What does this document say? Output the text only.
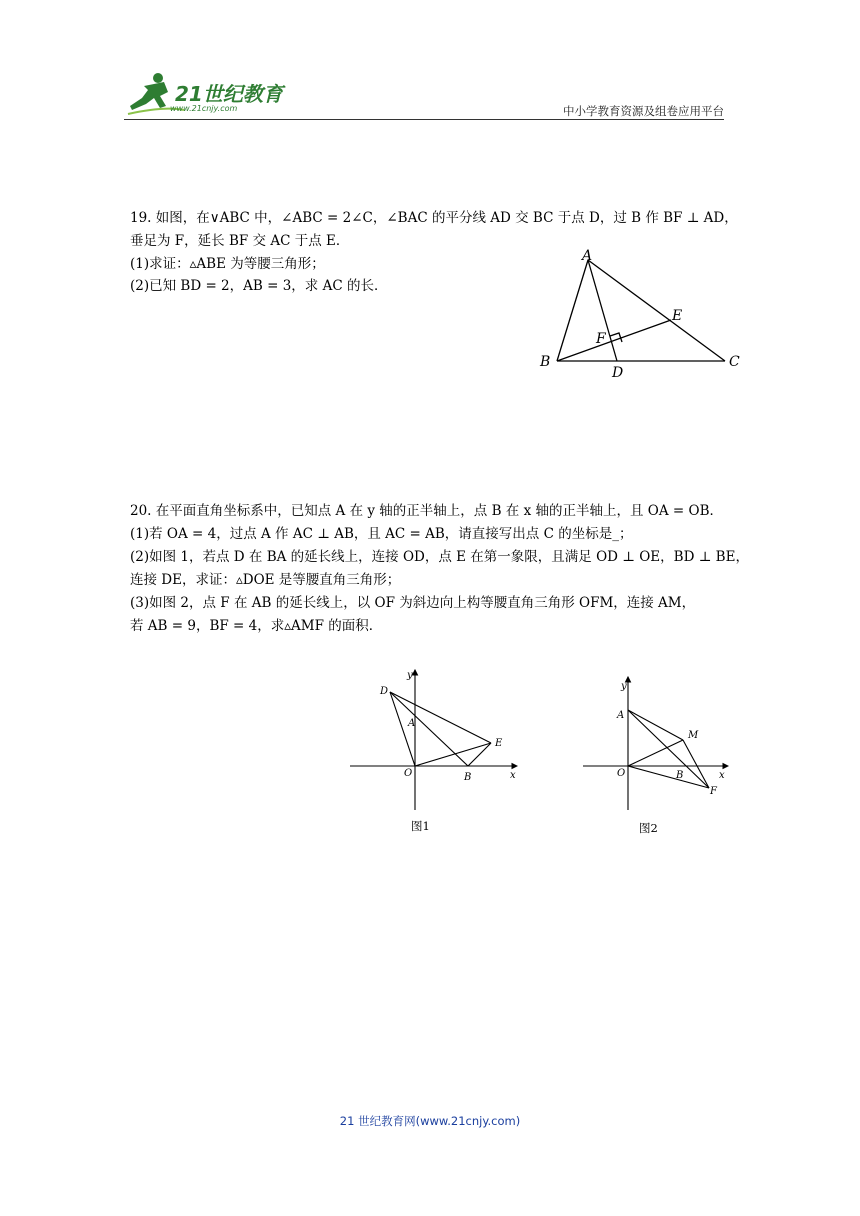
21世纪教育
www.21cnjy.com	中小学教育资源及组卷应用平台
19. 如图，在∨ABC 中，∠ABC = 2∠C，∠BAC 的平分线 AD 交 BC 于点 D，过 B 作 BF ⊥ AD，
垂足为 F，延长 BF 交 AC 于点 E．
(1)求证：▵ABE 为等腰三角形；
(2)已知 BD = 2，AB = 3，求 AC 的长．
A
B	C
D
E
F
20. 在平面直角坐标系中，已知点 A 在 y 轴的正半轴上，点 B 在 x 轴的正半轴上，且 OA = OB．
(1)若 OA = 4，过点 A 作 AC ⊥ AB，且 AC = AB，请直接写出点 C 的坐标是_；
(2)如图 1，若点 D 在 BA 的延长线上，连接 OD，点 E 在第一象限，且满足 OD ⊥ OE，BD ⊥ BE，
连接 DE，求证：▵DOE 是等腰直角三角形；
(3)如图 2，点 F 在 AB 的延长线上，以 OF 为斜边向上构等腰直角三角形 OFM，连接 AM，
若 AB = 9，BF = 4，求▵AMF 的面积．
y
x
O
A
B
D
E
图1
y
x
O
A
B
F
M
图2
21 世纪教育网(www.21cnjy.com)
